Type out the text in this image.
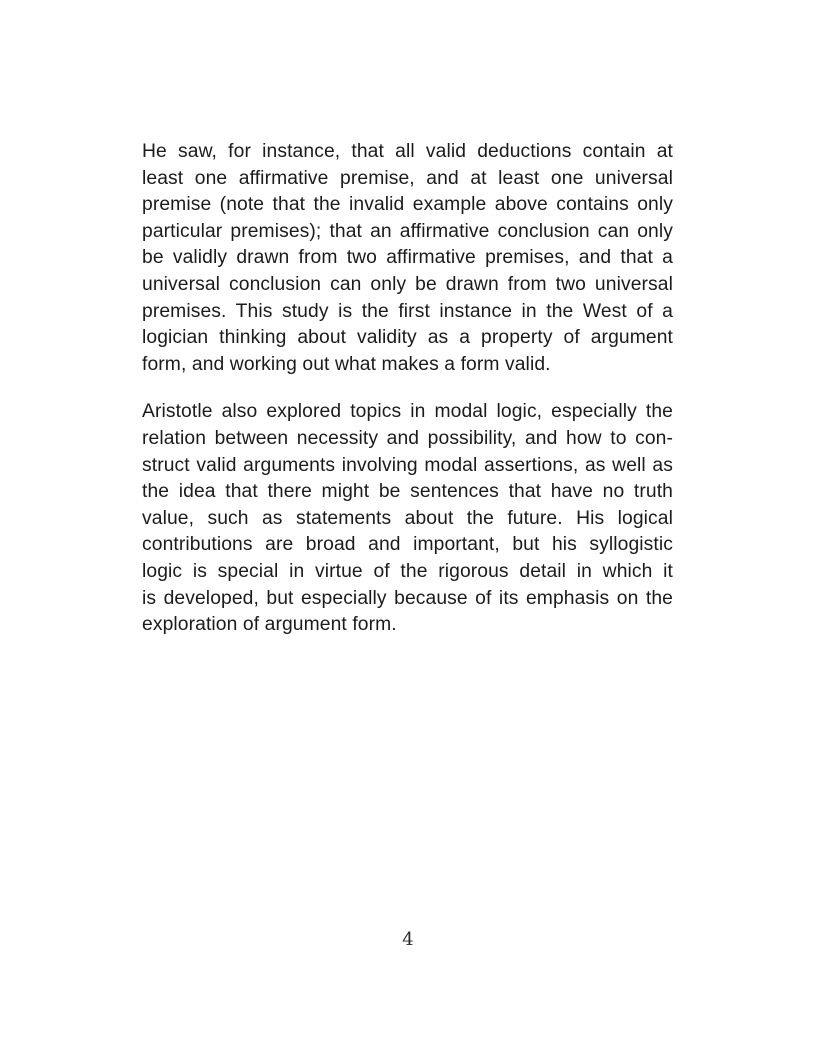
He saw, for instance, that all valid deductions contain at
least one affirmative premise, and at least one universal
premise (note that the invalid example above contains only
particular premises); that an affirmative conclusion can only
be validly drawn from two affirmative premises, and that a
universal conclusion can only be drawn from two universal
premises. This study is the first instance in the West of a
logician thinking about validity as a property of argument
form, and working out what makes a form valid.

Aristotle also explored topics in modal logic, especially the
relation between necessity and possibility, and how to con-
struct valid arguments involving modal assertions, as well as
the idea that there might be sentences that have no truth
value, such as statements about the future. His logical
contributions are broad and important, but his syllogistic
logic is special in virtue of the rigorous detail in which it
is developed, but especially because of its emphasis on the
exploration of argument form.

4
